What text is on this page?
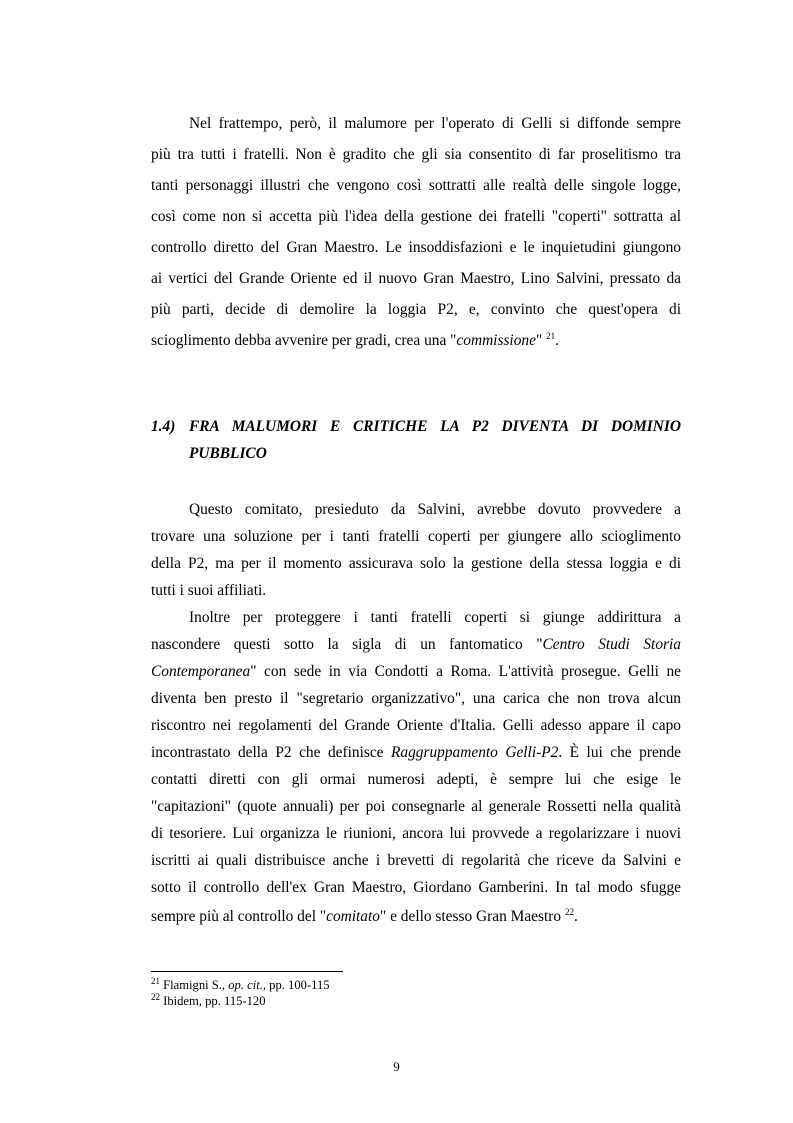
Nel frattempo, però, il malumore per l'operato di Gelli si diffonde sempre
più tra tutti i fratelli. Non è gradito che gli sia consentito di far proselitismo tra
tanti personaggi illustri che vengono così sottratti alle realtà delle singole logge,
così come non si accetta più l'idea della gestione dei fratelli "coperti" sottratta al
controllo diretto del Gran Maestro. Le insoddisfazioni e le inquietudini giungono
ai vertici del Grande Oriente ed il nuovo Gran Maestro, Lino Salvini, pressato da
più parti, decide di demolire la loggia P2, e, convinto che quest'opera di
scioglimento debba avvenire per gradi, crea una "commissione" $^{21}$.
1.4) FRA MALUMORI E CRITICHE LA P2 DIVENTA DI DOMINIO
PUBBLICO
Questo comitato, presieduto da Salvini, avrebbe dovuto provvedere a
trovare una soluzione per i tanti fratelli coperti per giungere allo scioglimento
della P2, ma per il momento assicurava solo la gestione della stessa loggia e di
tutti i suoi affiliati.
Inoltre per proteggere i tanti fratelli coperti si giunge addirittura a
nascondere questi sotto la sigla di un fantomatico "Centro Studi Storia
Contemporanea" con sede in via Condotti a Roma. L'attività prosegue. Gelli ne
diventa ben presto il "segretario organizzativo", una carica che non trova alcun
riscontro nei regolamenti del Grande Oriente d'Italia. Gelli adesso appare il capo
incontrastato della P2 che definisce Raggruppamento Gelli-P2. È lui che prende
contatti diretti con gli ormai numerosi adepti, è sempre lui che esige le
"capitazioni" (quote annuali) per poi consegnarle al generale Rossetti nella qualità
di tesoriere. Lui organizza le riunioni, ancora lui provvede a regolarizzare i nuovi
iscritti ai quali distribuisce anche i brevetti di regolarità che riceve da Salvini e
sotto il controllo dell'ex Gran Maestro, Giordano Gamberini. In tal modo sfugge
sempre più al controllo del "comitato" e dello stesso Gran Maestro $^{22}$.
$^{21}$ Flamigni S., op. cit., pp. 100-115
$^{22}$ Ibidem, pp. 115-120
9
